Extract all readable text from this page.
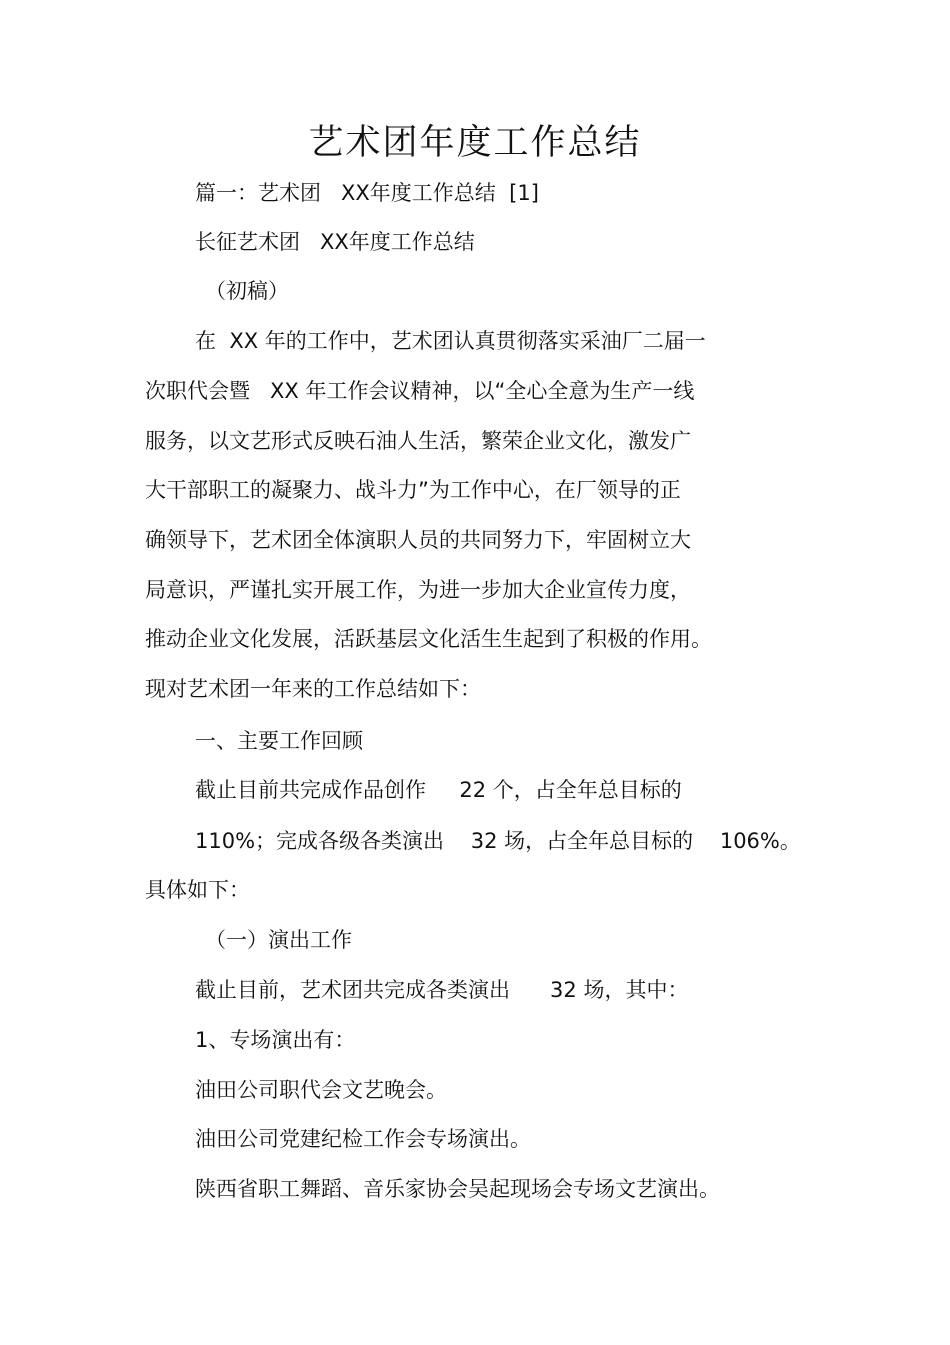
艺术团年度工作总结
篇一：艺术团   XX年度工作总结  [1]
长征艺术团   XX年度工作总结
（初稿）
在  XX 年的工作中，艺术团认真贯彻落实采油厂二届一
次职代会暨   XX 年工作会议精神，以“全心全意为生产一线
服务，以文艺形式反映石油人生活，繁荣企业文化，激发广
大干部职工的凝聚力、战斗力”为工作中心，在厂领导的正
确领导下，艺术团全体演职人员的共同努力下，牢固树立大
局意识，严谨扎实开展工作，为进一步加大企业宣传力度，
推动企业文化发展，活跃基层文化活生生起到了积极的作用。
现对艺术团一年来的工作总结如下：
一、主要工作回顾
截止目前共完成作品创作     22 个，占全年总目标的
110%；完成各级各类演出    32 场，占全年总目标的    106%。
具体如下：
（一）演出工作
截止目前，艺术团共完成各类演出      32 场，其中：
1、专场演出有：
油田公司职代会文艺晚会。
油田公司党建纪检工作会专场演出。
陕西省职工舞蹈、音乐家协会吴起现场会专场文艺演出。
